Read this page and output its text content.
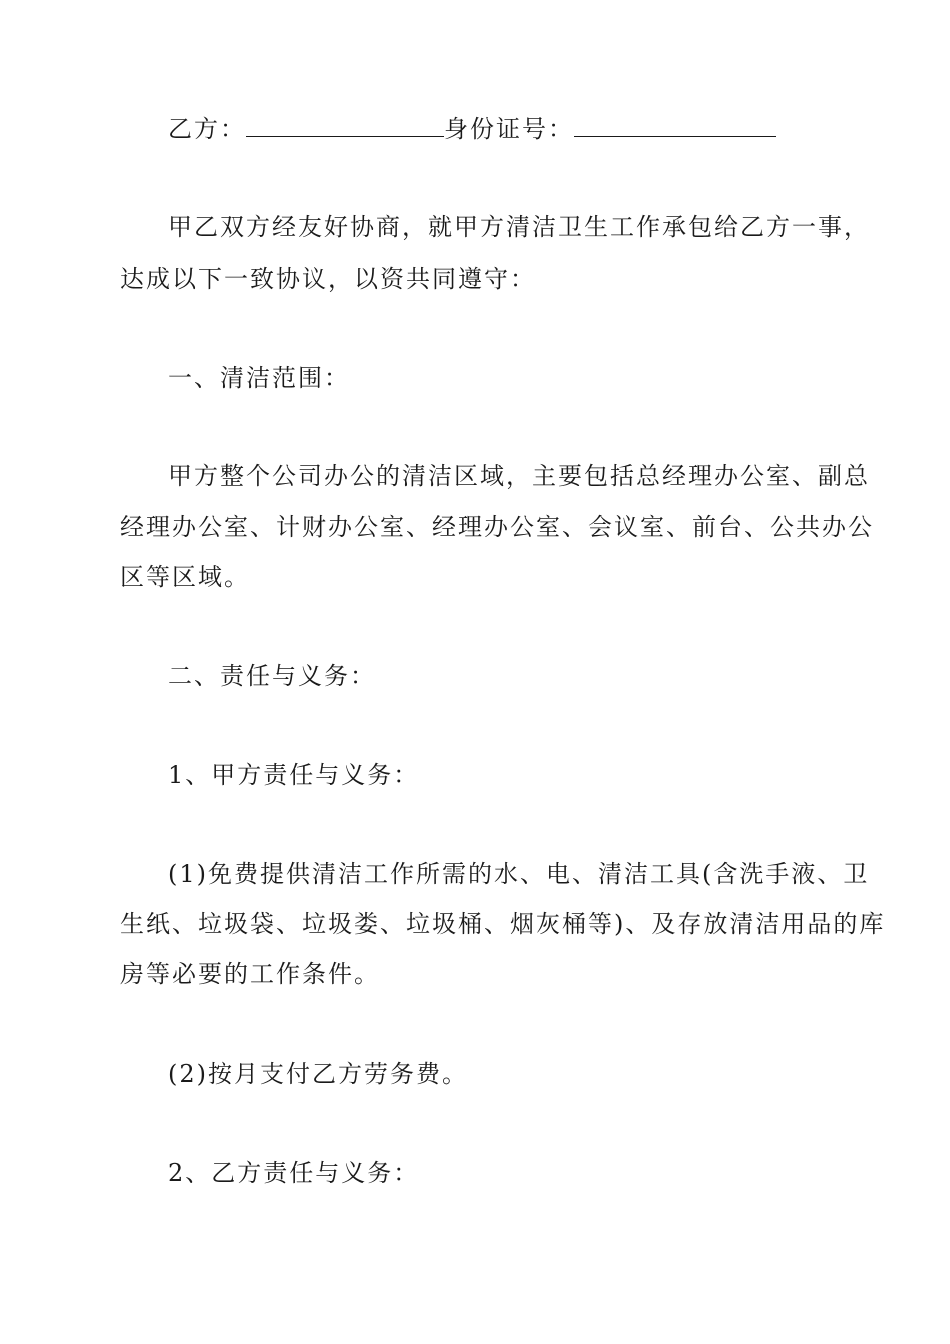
乙方：	身份证号：
甲乙双方经友好协商，就甲方清洁卫生工作承包给乙方一事，
达成以下一致协议，以资共同遵守：
一、清洁范围：
甲方整个公司办公的清洁区域，主要包括总经理办公室、副总
经理办公室、计财办公室、经理办公室、会议室、前台、公共办公
区等区域。
二、责任与义务：
1、甲方责任与义务：
(1)免费提供清洁工作所需的水、电、清洁工具(含洗手液、卫
生纸、垃圾袋、垃圾娄、垃圾桶、烟灰桶等)、及存放清洁用品的库
房等必要的工作条件。
(2)按月支付乙方劳务费。
2、乙方责任与义务：
